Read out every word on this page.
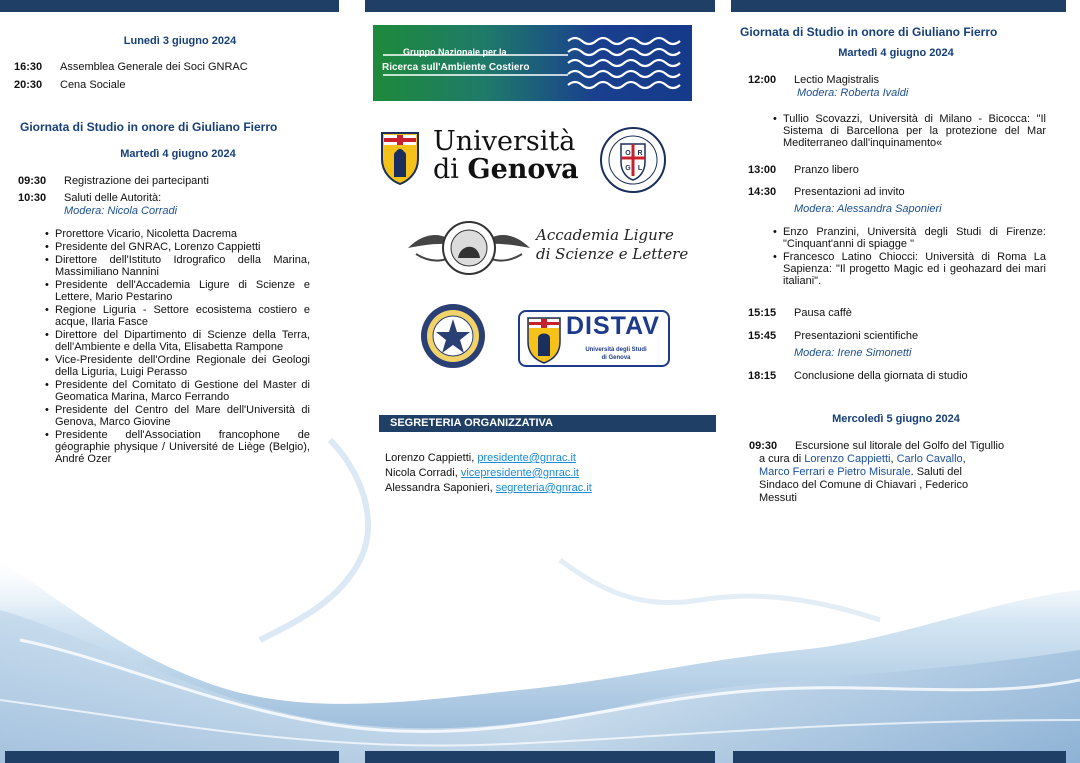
Lunedì 3 giugno 2024
16:30 Assemblea Generale dei Soci GNRAC
20:30 Cena Sociale
Giornata di Studio in onore di Giuliano Fierro
Martedì 4 giugno 2024
09:30 Registrazione dei partecipanti
10:30 Saluti delle Autorità:
Modera: Nicola Corradi
• Prorettore Vicario, Nicoletta Dacrema
• Presidente del GNRAC, Lorenzo Cappietti
• Direttore dell'Istituto Idrografico della Marina, Massimiliano Nannini
• Presidente dell'Accademia Ligure di Scienze e Lettere, Mario Pestarino
• Regione Liguria - Settore ecosistema costiero e acque, Ilaria Fasce
• Direttore del Dipartimento di Scienze della Terra, dell'Ambiente e della Vita, Elisabetta Rampone
• Vice-Presidente dell'Ordine Regionale dei Geologi della Liguria, Luigi Perasso
• Presidente del Comitato di Gestione del Master di Geomatica Marina, Marco Ferrando
• Presidente del Centro del Mare dell'Università di Genova, Marco Giovine
• Presidente dell'Association francophone de géographie physique / Université de Liège (Belgio), André Ozer
Gruppo Nazionale per la
Ricerca sull'Ambiente Costiero
Università
di Genova
O R
G L
Accademia Ligure
di Scienze e Lettere
DISTAV
Università degli Studi
di Genova
SEGRETERIA ORGANIZZATIVA
Lorenzo Cappietti, presidente@gnrac.it
Nicola Corradi, vicepresidente@gnrac.it
Alessandra Saponieri, segreteria@gnrac.it
Giornata di Studio in onore di Giuliano Fierro
Martedì 4 giugno 2024
12:00 Lectio Magistralis
Modera: Roberta Ivaldi
• Tullio Scovazzi, Università di Milano - Bicocca: "Il Sistema di Barcellona per la protezione del Mar Mediterraneo dall'inquinamento«
13:00 Pranzo libero
14:30 Presentazioni ad invito
Modera: Alessandra Saponieri
• Enzo Pranzini, Università degli Studi di Firenze: "Cinquant'anni di spiagge "
• Francesco Latino Chiocci: Università di Roma La Sapienza: "Il progetto Magic ed i geohazard dei mari italiani".
15:15 Pausa caffè
15:45 Presentazioni scientifiche
Modera: Irene Simonetti
18:15 Conclusione della giornata di studio
Mercoledì 5 giugno 2024
09:30 Escursione sul litorale del Golfo del Tigullio
a cura di Lorenzo Cappietti, Carlo Cavallo,
Marco Ferrari e Pietro Misurale. Saluti del
Sindaco del Comune di Chiavari , Federico
Messuti
